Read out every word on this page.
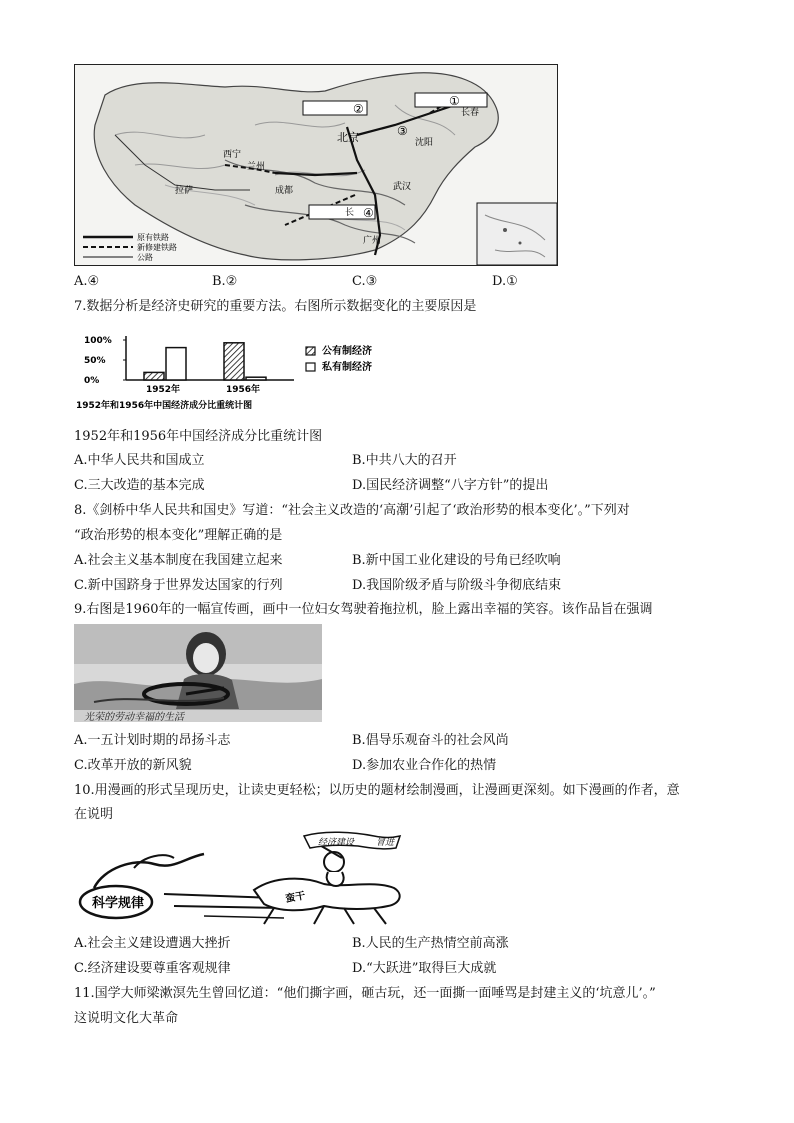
②
①
③
④
北京	沈阳
长春
西宁
兰州
拉萨	成都	武汉
长
广州
原有铁路
新修建铁路
公路
A.④	B.②	C.③	D.①
7.数据分析是经济史研究的重要方法。右图所示数据变化的主要原因是
100%
50%
0%
1952年	1956年
公有制经济
私有制经济
1952年和1956年中国经济成分比重统计图
1952年和1956年中国经济成分比重统计图
A.中华人民共和国成立	B.中共八大的召开
C.三大改造的基本完成	D.国民经济调整“八字方针”的提出
8.《剑桥中华人民共和国史》写道：“社会主义改造的‘高潮’引起了‘政治形势的根本变化’。”下列对
“政治形势的根本变化”理解正确的是
A.社会主义基本制度在我国建立起来	B.新中国工业化建设的号角已经吹响
C.新中国跻身于世界发达国家的行列	D.我国阶级矛盾与阶级斗争彻底结束
9.右图是1960年的一幅宣传画，画中一位妇女驾驶着拖拉机，脸上露出幸福的笑容。该作品旨在强调
光荣的劳动幸福的生活
A.一五计划时期的昂扬斗志	B.倡导乐观奋斗的社会风尚
C.改革开放的新风貌	D.参加农业合作化的热情
10.用漫画的形式呈现历史，让读史更轻松；以历史的题材绘制漫画，让漫画更深刻。如下漫画的作者，意
在说明
科学规律	蛮干
经济建设 冒进
A.社会主义建设遭遇大挫折	B.人民的生产热情空前高涨
C.经济建设要尊重客观规律	D.“大跃进”取得巨大成就
11.国学大师梁漱溟先生曾回忆道：“他们撕字画，砸古玩，还一面撕一面唾骂是封建主义的‘坑意儿’。”
这说明文化大革命
